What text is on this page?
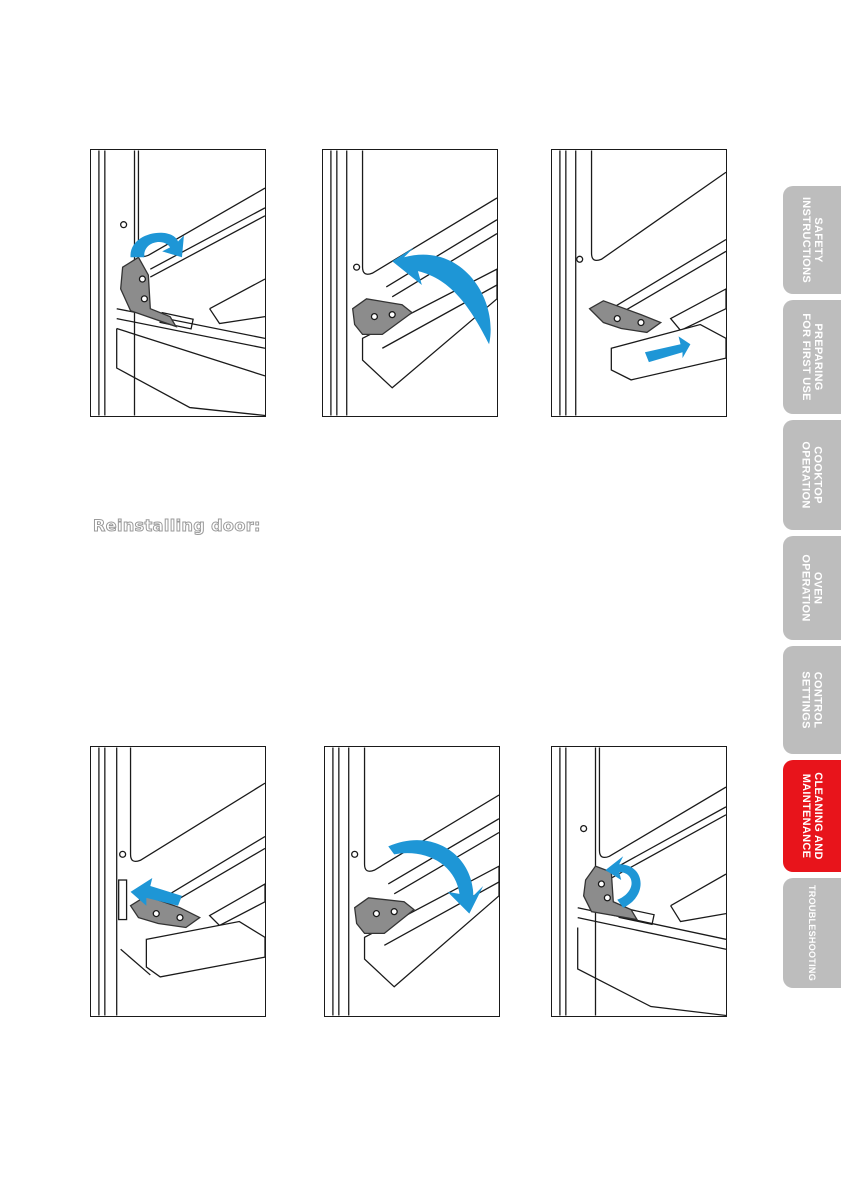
Reinstalling door:
SAFETY
INSTRUCTIONS
PREPARING
FOR FIRST USE
COOKTOP
OPERATION
OVEN
OPERATION
CONTROL
SETTINGS
CLEANING AND
MAINTENANCE
TROUBLESHOOTING
